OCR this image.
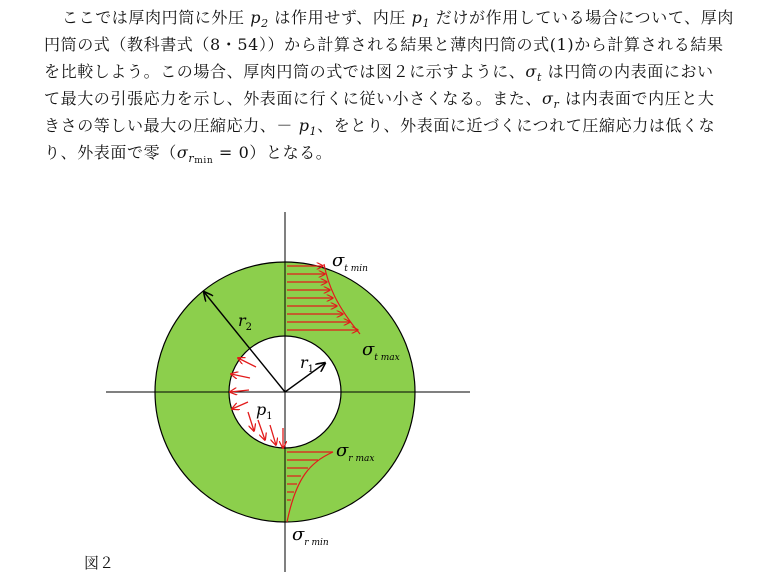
ここでは厚肉円筒に外圧 $p_2$ は作用せず、内圧 $p_1$ だけが作用している場合について、厚肉
円筒の式（教科書式（8・54））から計算される結果と薄肉円筒の式(1)から計算される結果
を比較しよう。この場合、厚肉円筒の式では図２に示すように、$\sigma_t$ は円筒の内表面におい
て最大の引張応力を示し、外表面に行くに従い小さくなる。また、$\sigma_r$ は内表面で内圧と大
きさの等しい最大の圧縮応力、－ $p_1$、をとり、外表面に近づくにつれて圧縮応力は低くな
り、外表面で零$(\sigma_{rmin} = 0)$となる。
$\sigma_{t min}$
$\sigma_{t max}$
$\sigma_{r max}$
$\sigma_{r min}$
$r_2$
$r_1$
$p_1$
図２
